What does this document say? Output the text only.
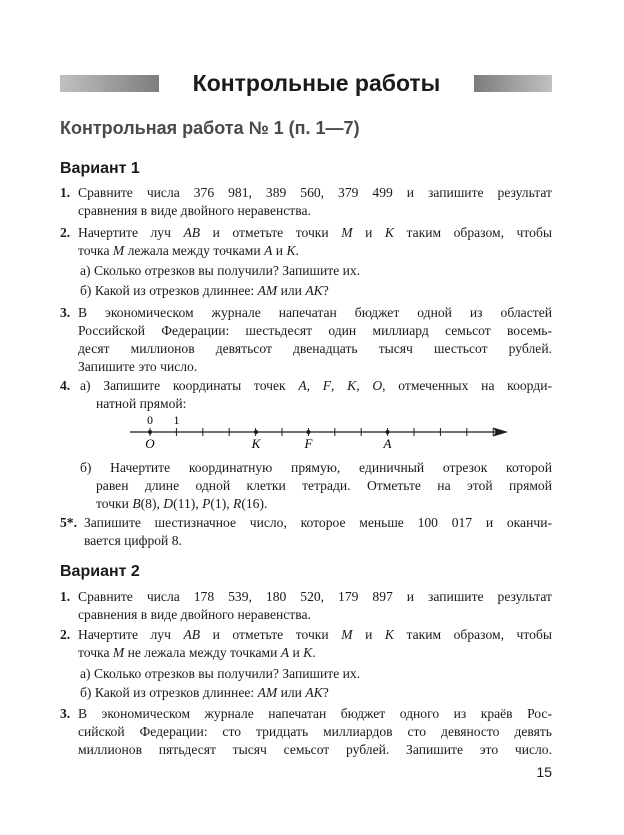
Контрольные работы
Контрольная работа № 1 (п. 1—7)
Вариант 1
1. Сравните числа 376 981, 389 560, 379 499 и запишите результат
сравнения в виде двойного неравенства.
2. Начертите луч AB и отметьте точки M и K таким образом, чтобы
точка M лежала между точками A и K.
а) Сколько отрезков вы получили? Запишите их.
б) Какой из отрезков длиннее: AM или AK?
3. В экономическом журнале напечатан бюджет одной из областей
Российской Федерации: шестьдесят один миллиард семьсот восемь-
десят миллионов девятьсот двенадцать тысяч шестьсот рублей.
Запишите это число.
4. а) Запишите координаты точек A, F, K, O, отмеченных на коорди-
натной прямой:
0 1
O	K	F	A
б) Начертите координатную прямую, единичный отрезок которой
равен длине одной клетки тетради. Отметьте на этой прямой
точки B(8), D(11), P(1), R(16).
5*. Запишите шестизначное число, которое меньше 100 017 и оканчи-
вается цифрой 8.
Вариант 2
1. Сравните числа 178 539, 180 520, 179 897 и запишите результат
сравнения в виде двойного неравенства.
2. Начертите луч AB и отметьте точки M и K таким образом, чтобы
точка M не лежала между точками A и K.
а) Сколько отрезков вы получили? Запишите их.
б) Какой из отрезков длиннее: AM или AK?
3. В экономическом журнале напечатан бюджет одного из краёв Рос-
сийской Федерации: сто тридцать миллиардов сто девяносто девять
миллионов пятьдесят тысяч семьсот рублей. Запишите это число.
15
